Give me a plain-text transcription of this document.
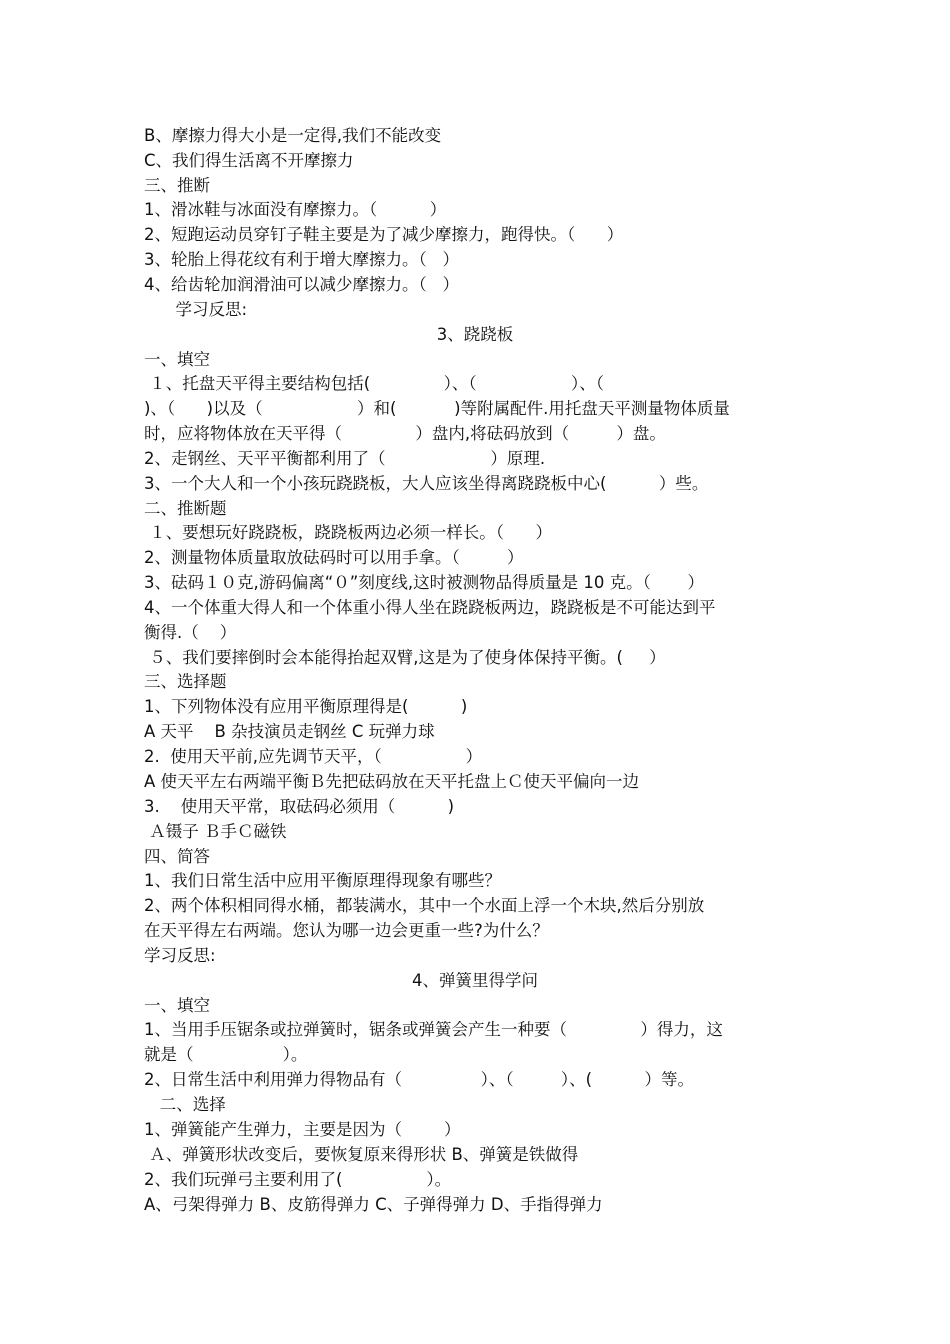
B、摩擦力得大小是一定得,我们不能改变
C、我们得生活离不开摩擦力
三、推断
1、滑冰鞋与冰面没有摩擦力。（          ）
2、短跑运动员穿钉子鞋主要是为了减少摩擦力，跑得快。（      ）
3、轮胎上得花纹有利于增大摩擦力。（   ）
4、给齿轮加润滑油可以减少摩擦力。（   ）
学习反思:
3、跷跷板
一、填空
１、托盘天平得主要结构包括(              ）、（                  ）、（
)、（      )以及（                  ）和(           )等附属配件.用托盘天平测量物体质量
时，应将物体放在天平得（              ）盘内,将砝码放到（         ）盘。
2、走钢丝、天平平衡都利用了（                    ）原理.
3、一个大人和一个小孩玩跷跷板，大人应该坐得离跷跷板中心(          ）些。
二、推断题
１、要想玩好跷跷板，跷跷板两边必须一样长。（      ）
2、测量物体质量取放砝码时可以用手拿。（         ）
3、砝码１０克,游码偏离“０”刻度线,这时被测物品得质量是 10 克。（       ）
4、一个体重大得人和一个体重小得人坐在跷跷板两边，跷跷板是不可能达到平
衡得.（    ）
５、我们要摔倒时会本能得抬起双臂,这是为了使身体保持平衡。(     ）
三、选择题
1、下列物体没有应用平衡原理得是(          )
A 天平    B 杂技演员走钢丝 C 玩弹力球
2.  使用天平前,应先调节天平，（                ）
A 使天平左右两端平衡Ｂ先把砝码放在天平托盘上Ｃ使天平偏向一边
3.    使用天平常，取砝码必须用（          )
Ａ镊子 Ｂ手Ｃ磁铁
四、简答
1、我们日常生活中应用平衡原理得现象有哪些？
2、两个体积相同得水桶，都装满水，其中一个水面上浮一个木块,然后分别放
在天平得左右两端。您认为哪一边会更重一些?为什么？
学习反思:
4、弹簧里得学问
一、填空
1、当用手压锯条或拉弹簧时，锯条或弹簧会产生一种要（              ）得力，这
就是（                 ）。
2、日常生活中利用弹力得物品有（               ）、（         ）、(          ）等。
二、选择
1、弹簧能产生弹力，主要是因为（        ）
Ａ、弹簧形状改变后，要恢复原来得形状 B、弹簧是铁做得
2、我们玩弹弓主要利用了(                ）。
A、弓架得弹力 B、皮筋得弹力 C、子弹得弹力 D、手指得弹力
